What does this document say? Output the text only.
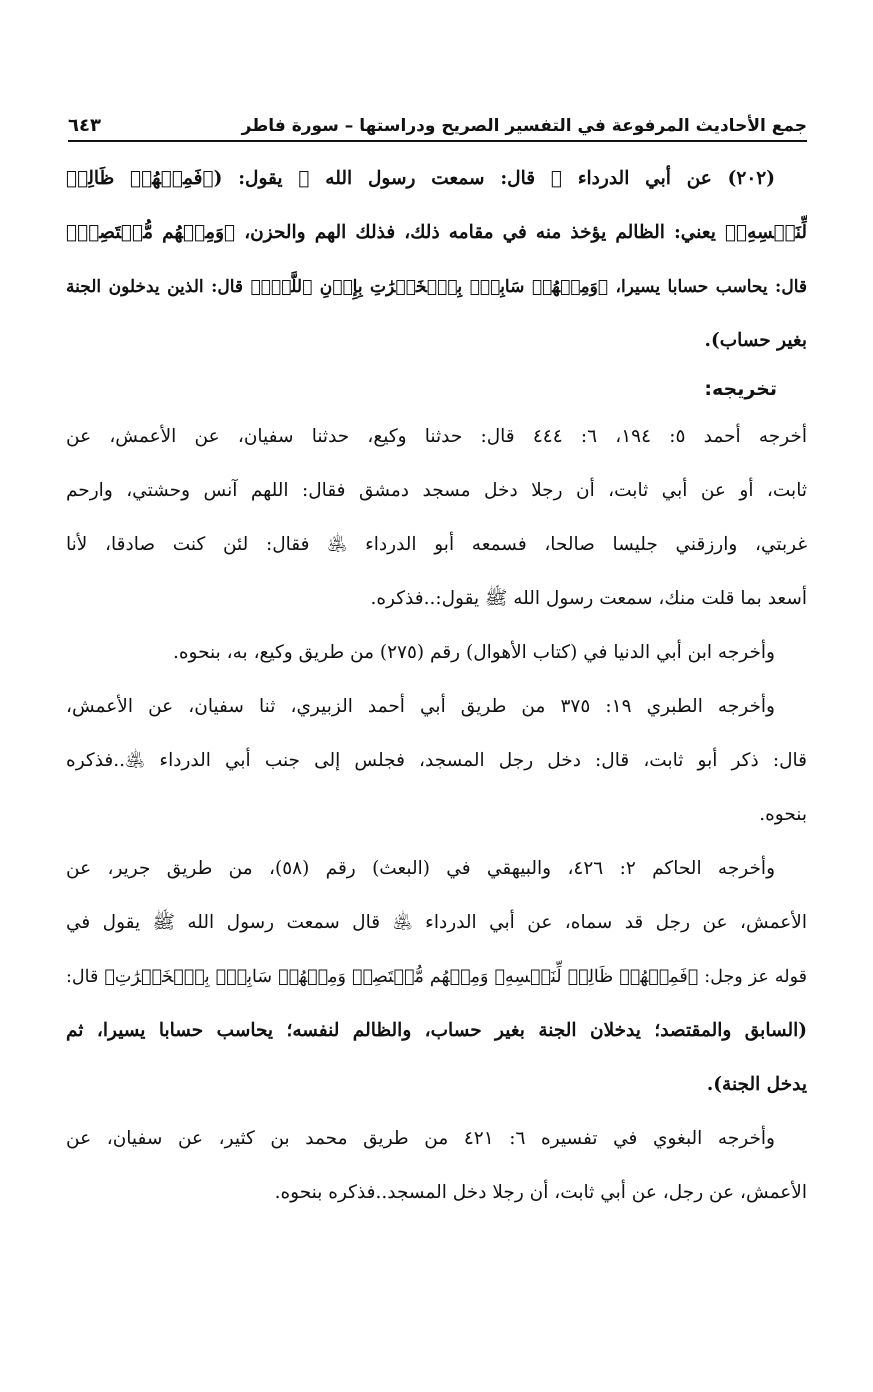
جمع الأحاديث المرفوعة في التفسير الصريح ودراستها – سورة فاطر
٦٤٣
(٢٠٢) عن أبي الدرداء ﵁ قال: سمعت رسول الله ﷺ يقول: (﴿فَمِنۡهُمۡ ظَالِمٞ
لِّنَفۡسِهِۦ﴾ يعني: الظالم يؤخذ منه في مقامه ذلك، فذلك الهم والحزن، ﴿وَمِنۡهُم مُّقۡتَصِدٞ﴾
قال: يحاسب حسابا يسيرا، ﴿وَمِنۡهُمۡ سَابِقُۢ بِٱلۡخَيۡرَٰتِ بِإِذۡنِ ٱللَّهِۚ﴾ قال: الذين يدخلون الجنة
بغير حساب).
تخريجه:
أخرجه أحمد ٥: ١٩٤، ٦: ٤٤٤ قال: حدثنا وكيع، حدثنا سفيان، عن الأعمش، عن
ثابت، أو عن أبي ثابت، أن رجلا دخل مسجد دمشق فقال: اللهم آنس وحشتي، وارحم
غربتي، وارزقني جليسا صالحا، فسمعه أبو الدرداء ﵁ فقال: لئن كنت صادقا، لأنا
أسعد بما قلت منك، سمعت رسول الله ﷺ يقول:..فذكره.
وأخرجه ابن أبي الدنيا في (كتاب الأهوال) رقم (٢٧٥) من طريق وكيع، به، بنحوه.
وأخرجه الطبري ١٩: ٣٧٥ من طريق أبي أحمد الزبيري، ثنا سفيان، عن الأعمش،
قال: ذكر أبو ثابت، قال: دخل رجل المسجد، فجلس إلى جنب أبي الدرداء ﵁..فذكره
بنحوه.
وأخرجه الحاكم ٢: ٤٢٦، والبيهقي في (البعث) رقم (٥٨)، من طريق جرير، عن
الأعمش، عن رجل قد سماه، عن أبي الدرداء ﵁ قال سمعت رسول الله ﷺ يقول في
قوله عز وجل: ﴿فَمِنۡهُمۡ ظَالِمٞ لِّنَفۡسِهِۦ وَمِنۡهُم مُّقۡتَصِدٞ وَمِنۡهُمۡ سَابِقُۢ بِٱلۡخَيۡرَٰتِ﴾ قال:
(السابق والمقتصد؛ يدخلان الجنة بغير حساب، والظالم لنفسه؛ يحاسب حسابا يسيرا، ثم
يدخل الجنة).
وأخرجه البغوي في تفسيره ٦: ٤٢١ من طريق محمد بن كثير، عن سفيان، عن
الأعمش، عن رجل، عن أبي ثابت، أن رجلا دخل المسجد..فذكره بنحوه.
